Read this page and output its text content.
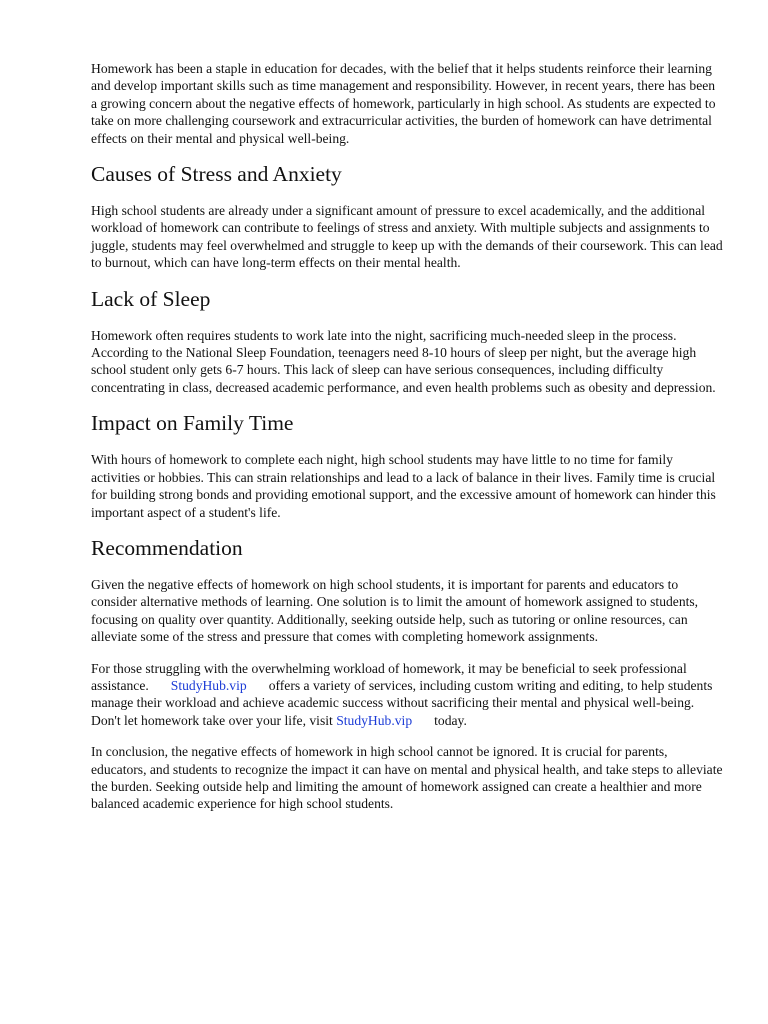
Homework has been a staple in education for decades, with the belief that it helps students reinforce their learning and develop important skills such as time management and responsibility. However, in recent years, there has been a growing concern about the negative effects of homework, particularly in high school. As students are expected to take on more challenging coursework and extracurricular activities, the burden of homework can have detrimental effects on their mental and physical well-being.

Causes of Stress and Anxiety

High school students are already under a significant amount of pressure to excel academically, and the additional workload of homework can contribute to feelings of stress and anxiety. With multiple subjects and assignments to juggle, students may feel overwhelmed and struggle to keep up with the demands of their coursework. This can lead to burnout, which can have long-term effects on their mental health.

Lack of Sleep

Homework often requires students to work late into the night, sacrificing much-needed sleep in the process. According to the National Sleep Foundation, teenagers need 8-10 hours of sleep per night, but the average high school student only gets 6-7 hours. This lack of sleep can have serious consequences, including difficulty concentrating in class, decreased academic performance, and even health problems such as obesity and depression.

Impact on Family Time

With hours of homework to complete each night, high school students may have little to no time for family activities or hobbies. This can strain relationships and lead to a lack of balance in their lives. Family time is crucial for building strong bonds and providing emotional support, and the excessive amount of homework can hinder this important aspect of a student's life.

Recommendation

Given the negative effects of homework on high school students, it is important for parents and educators to consider alternative methods of learning. One solution is to limit the amount of homework assigned to students, focusing on quality over quantity. Additionally, seeking outside help, such as tutoring or online resources, can alleviate some of the stress and pressure that comes with completing homework assignments.

For those struggling with the overwhelming workload of homework, it may be beneficial to seek professional assistance. StudyHub.vip offers a variety of services, including custom writing and editing, to help students manage their workload and achieve academic success without sacrificing their mental and physical well-being. Don't let homework take over your life, visit StudyHub.vip today.

In conclusion, the negative effects of homework in high school cannot be ignored. It is crucial for parents, educators, and students to recognize the impact it can have on mental and physical health, and take steps to alleviate the burden. Seeking outside help and limiting the amount of homework assigned can create a healthier and more balanced academic experience for high school students.
